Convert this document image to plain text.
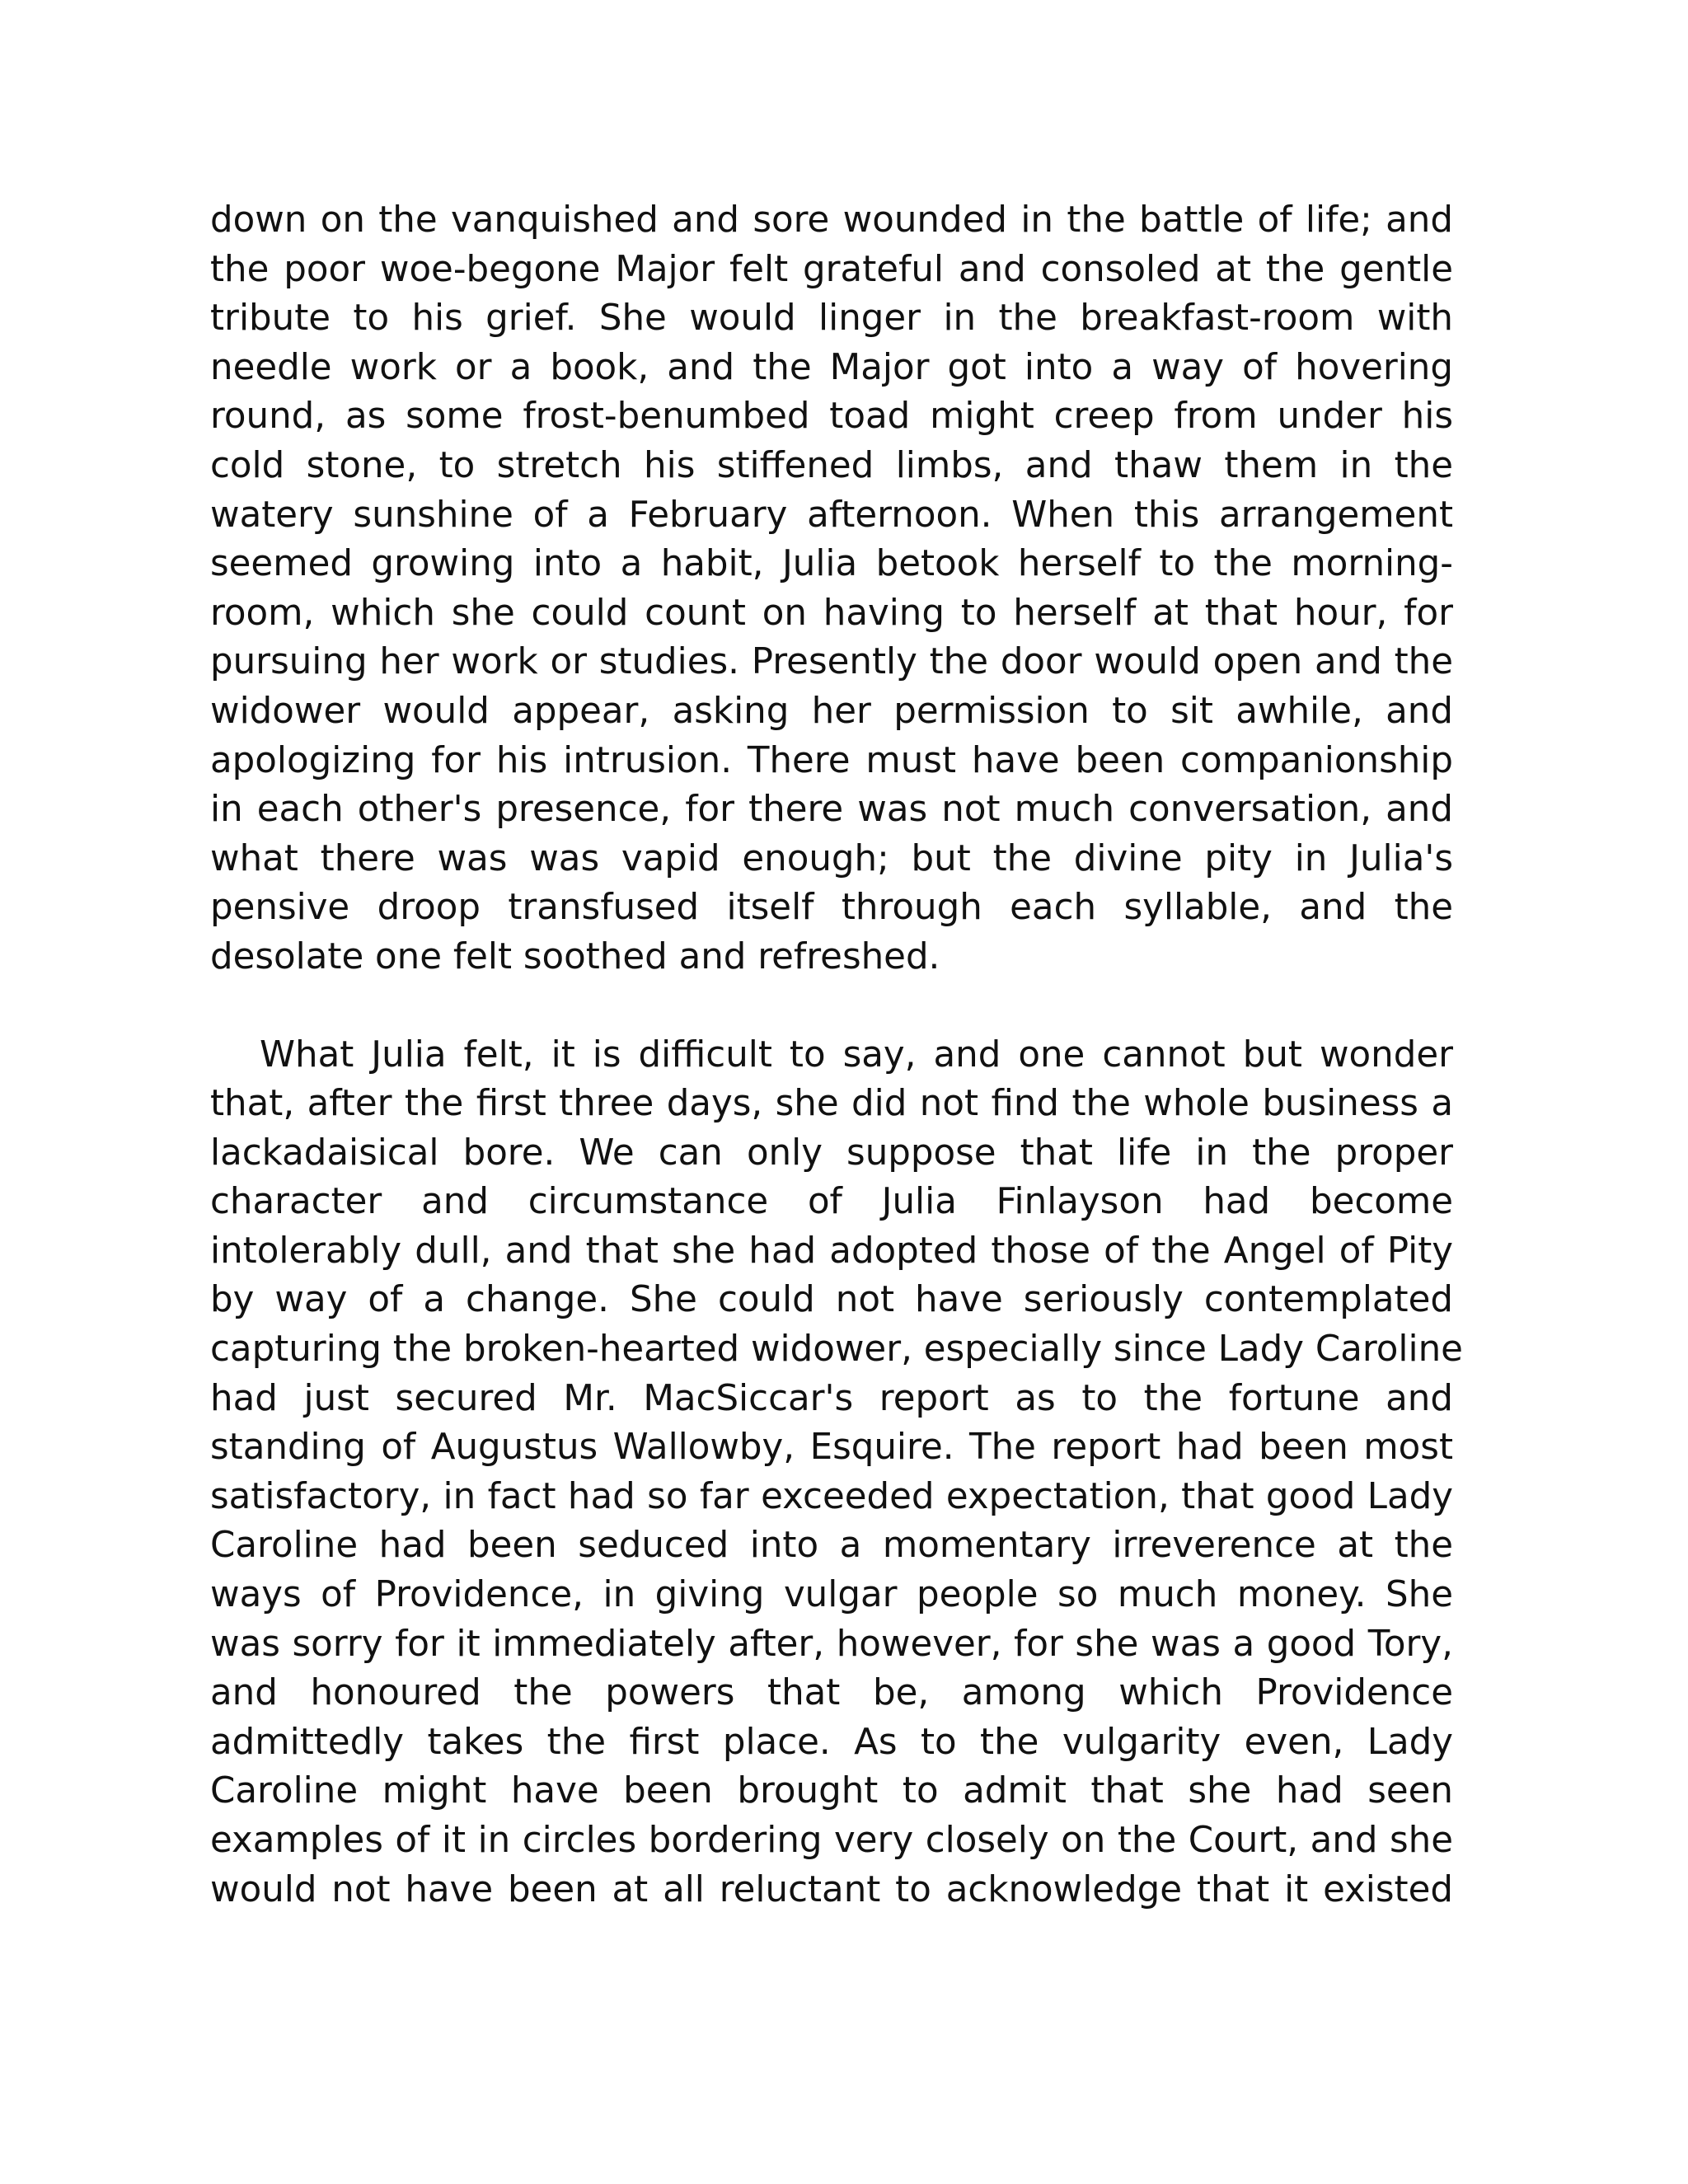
down on the vanquished and sore wounded in the battle of life; and
the poor woe-begone Major felt grateful and consoled at the gentle
tribute to his grief. She would linger in the breakfast-room with
needle work or a book, and the Major got into a way of hovering
round, as some frost-benumbed toad might creep from under his
cold stone, to stretch his stiffened limbs, and thaw them in the
watery sunshine of a February afternoon. When this arrangement
seemed growing into a habit, Julia betook herself to the morning-
room, which she could count on having to herself at that hour, for
pursuing her work or studies. Presently the door would open and the
widower would appear, asking her permission to sit awhile, and
apologizing for his intrusion. There must have been companionship
in each other's presence, for there was not much conversation, and
what there was was vapid enough; but the divine pity in Julia's
pensive droop transfused itself through each syllable, and the
desolate one felt soothed and refreshed.
What Julia felt, it is difficult to say, and one cannot but wonder
that, after the first three days, she did not find the whole business a
lackadaisical bore. We can only suppose that life in the proper
character and circumstance of Julia Finlayson had become
intolerably dull, and that she had adopted those of the Angel of Pity
by way of a change. She could not have seriously contemplated
capturing the broken-hearted widower, especially since Lady Caroline
had just secured Mr. MacSiccar's report as to the fortune and
standing of Augustus Wallowby, Esquire. The report had been most
satisfactory, in fact had so far exceeded expectation, that good Lady
Caroline had been seduced into a momentary irreverence at the
ways of Providence, in giving vulgar people so much money. She
was sorry for it immediately after, however, for she was a good Tory,
and honoured the powers that be, among which Providence
admittedly takes the first place. As to the vulgarity even, Lady
Caroline might have been brought to admit that she had seen
examples of it in circles bordering very closely on the Court, and she
would not have been at all reluctant to acknowledge that it existed
